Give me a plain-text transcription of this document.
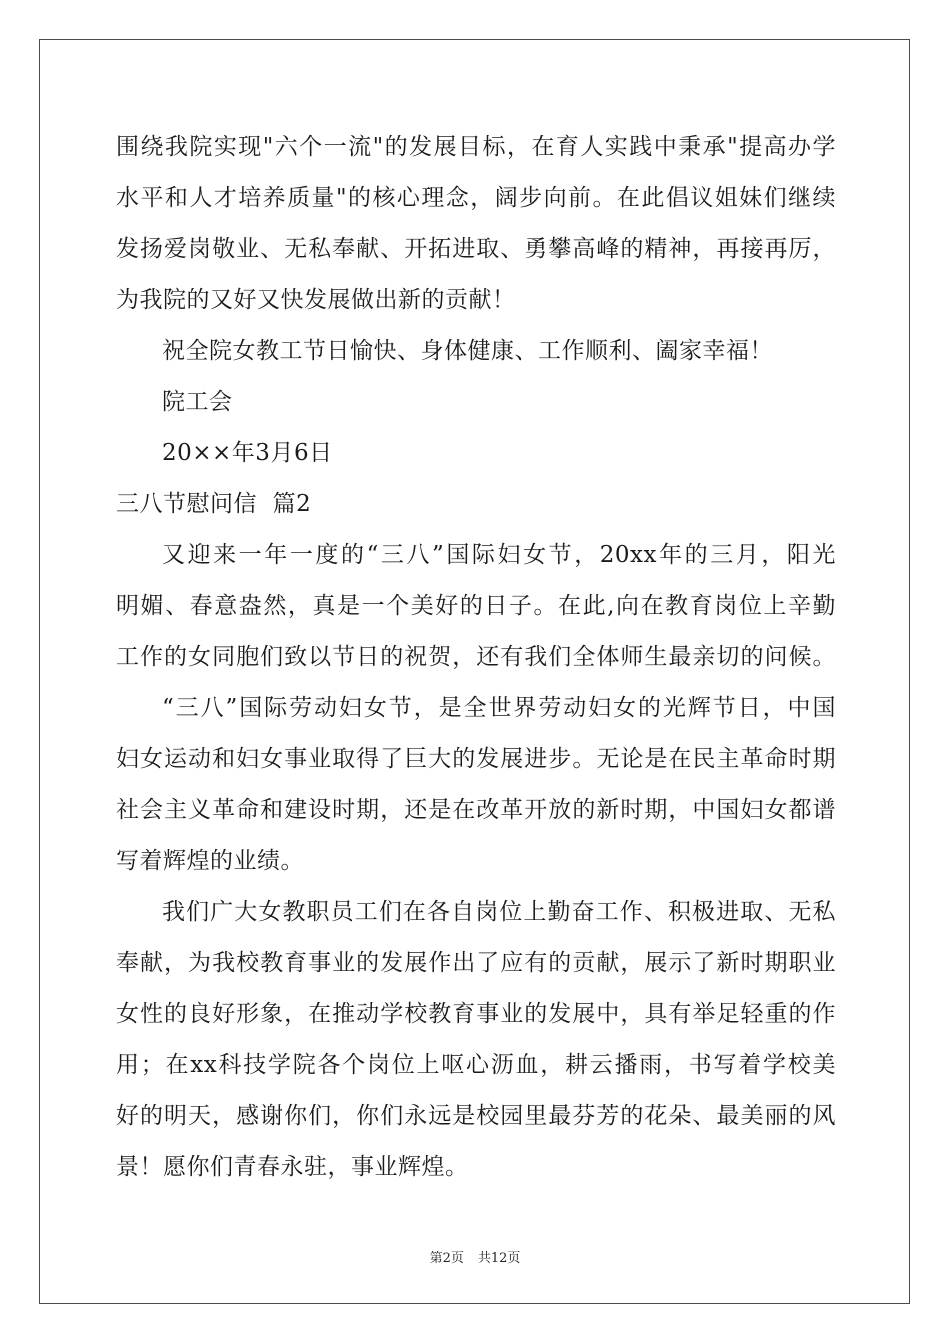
围绕我院实现"六个一流"的发展目标，在育人实践中秉承"提高办学
水平和人才培养质量"的核心理念，阔步向前。在此倡议姐妹们继续
发扬爱岗敬业、无私奉献、开拓进取、勇攀高峰的精神，再接再厉，
为我院的又好又快发展做出新的贡献！
祝全院女教工节日愉快、身体健康、工作顺利、阖家幸福！
院工会
20××年3月6日
三八节慰问信  篇2
又迎来一年一度的“三八”国际妇女节，20xx年的三月，阳光
明媚、春意盎然，真是一个美好的日子。在此,向在教育岗位上辛勤
工作的女同胞们致以节日的祝贺，还有我们全体师生最亲切的问候。
“三八”国际劳动妇女节，是全世界劳动妇女的光辉节日，中国
妇女运动和妇女事业取得了巨大的发展进步。无论是在民主革命时期
社会主义革命和建设时期，还是在改革开放的新时期，中国妇女都谱
写着辉煌的业绩。
我们广大女教职员工们在各自岗位上勤奋工作、积极进取、无私
奉献，为我校教育事业的发展作出了应有的贡献，展示了新时期职业
女性的良好形象，在推动学校教育事业的发展中，具有举足轻重的作
用；在xx科技学院各个岗位上呕心沥血，耕云播雨，书写着学校美
好的明天，感谢你们，你们永远是校园里最芬芳的花朵、最美丽的风
景！愿你们青春永驻，事业辉煌。
第2页 共12页
